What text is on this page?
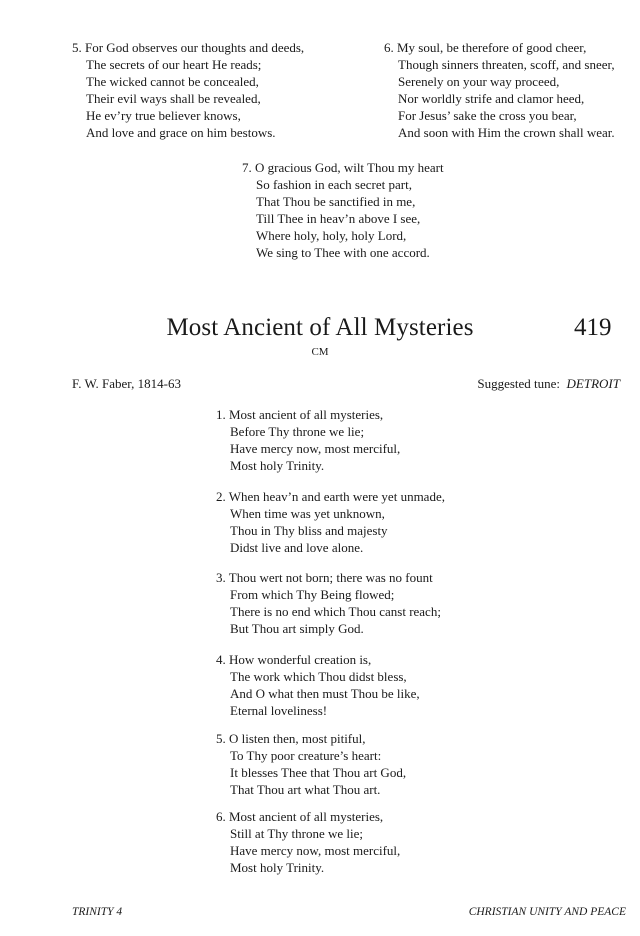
5. For God observes our thoughts and deeds,
The secrets of our heart He reads;
The wicked cannot be concealed,
Their evil ways shall be revealed,
He ev’ry true believer knows,
And love and grace on him bestows.
6. My soul, be therefore of good cheer,
Though sinners threaten, scoff, and sneer,
Serenely on your way proceed,
Nor worldly strife and clamor heed,
For Jesus’ sake the cross you bear,
And soon with Him the crown shall wear.
7. O gracious God, wilt Thou my heart
So fashion in each secret part,
That Thou be sanctified in me,
Till Thee in heav’n above I see,
Where holy, holy, holy Lord,
We sing to Thee with one accord.
Most Ancient of All Mysteries	419
CM
F. W. Faber, 1814-63	Suggested tune: DETROIT
1. Most ancient of all mysteries,
Before Thy throne we lie;
Have mercy now, most merciful,
Most holy Trinity.
2. When heav’n and earth were yet unmade,
When time was yet unknown,
Thou in Thy bliss and majesty
Didst live and love alone.
3. Thou wert not born; there was no fount
From which Thy Being flowed;
There is no end which Thou canst reach;
But Thou art simply God.
4. How wonderful creation is,
The work which Thou didst bless,
And O what then must Thou be like,
Eternal loveliness!
5. O listen then, most pitiful,
To Thy poor creature’s heart:
It blesses Thee that Thou art God,
That Thou art what Thou art.
6. Most ancient of all mysteries,
Still at Thy throne we lie;
Have mercy now, most merciful,
Most holy Trinity.
TRINITY 4	CHRISTIAN UNITY AND PEACE
